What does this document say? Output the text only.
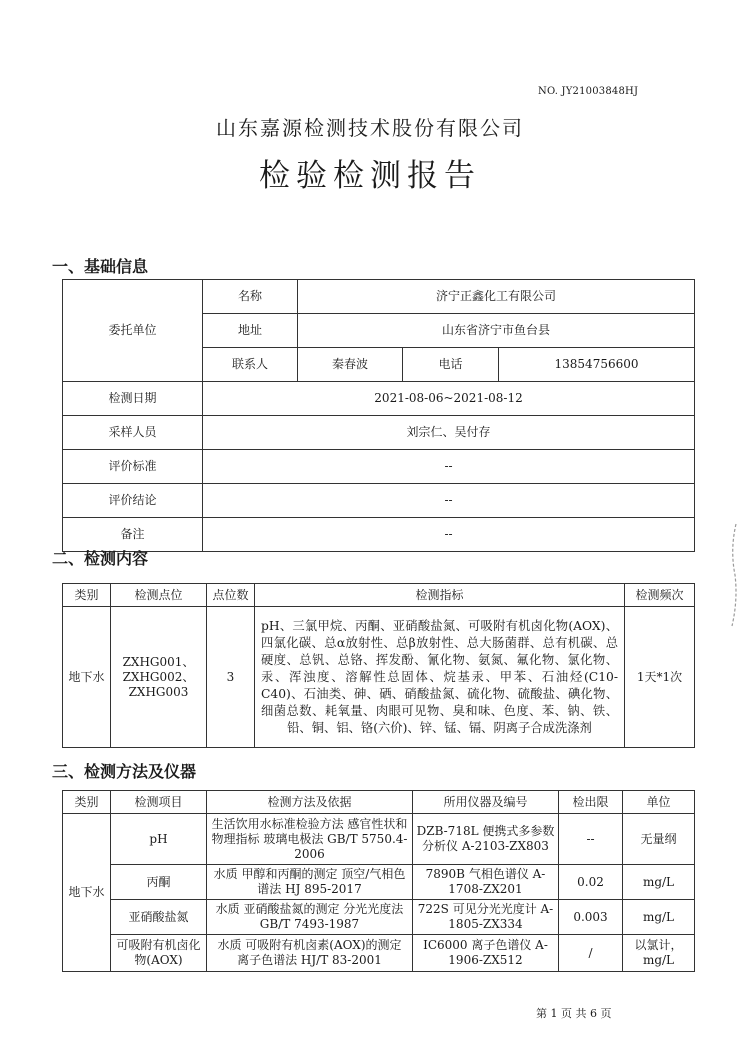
NO. JY21003848HJ
山东嘉源检测技术股份有限公司
检验检测报告
一、基础信息
委托单位	名称	济宁正鑫化工有限公司		
	地址	山东省济宁市鱼台县		
	联系人	秦春波	电话	13854756600
检测日期	2021-08-06~2021-08-12			
采样人员	刘宗仁、吴付存			
评价标准	--			
评价结论	--			
备注	--			
二、检测内容
类别	检测点位	点位数	检测指标	检测频次
地下水	ZXHG001、
ZXHG002、
ZXHG003	3	pH、三氯甲烷、丙酮、亚硝酸盐氮、可吸附有机卤化物(AOX)、四氯化碳、总α放射性、总β放射性、总大肠菌群、总有机碳、总硬度、总钒、总铬、挥发酚、氰化物、氨氮、氟化物、氯化物、汞、浑浊度、溶解性总固体、烷基汞、甲苯、石油烃(C10-C40)、石油类、砷、硒、硝酸盐氮、硫化物、硫酸盐、碘化物、细菌总数、耗氧量、肉眼可见物、臭和味、色度、苯、钠、铁、铅、铜、铝、铬(六价)、锌、锰、镉、阴离子合成洗涤剂	1天*1次
三、检测方法及仪器
类别	检测项目	检测方法及依据	所用仪器及编号	检出限	单位
地下水	pH	生活饮用水标准检验方法 感官性状和物理指标 玻璃电极法 GB/T 5750.4-2006	DZB-718L 便携式多参数分析仪 A-2103-ZX803	--	无量纲
	丙酮	水质 甲醇和丙酮的测定 顶空/气相色谱法 HJ 895-2017	7890B 气相色谱仪 A-1708-ZX201	0.02	mg/L
	亚硝酸盐氮	水质 亚硝酸盐氮的测定 分光光度法 GB/T 7493-1987	722S 可见分光光度计 A-1805-ZX334	0.003	mg/L
	可吸附有机卤化物(AOX)	水质 可吸附有机卤素(AOX)的测定 离子色谱法 HJ/T 83-2001	IC6000 离子色谱仪 A-1906-ZX512	/	以氯计，mg/L
第 1 页 共 6 页
